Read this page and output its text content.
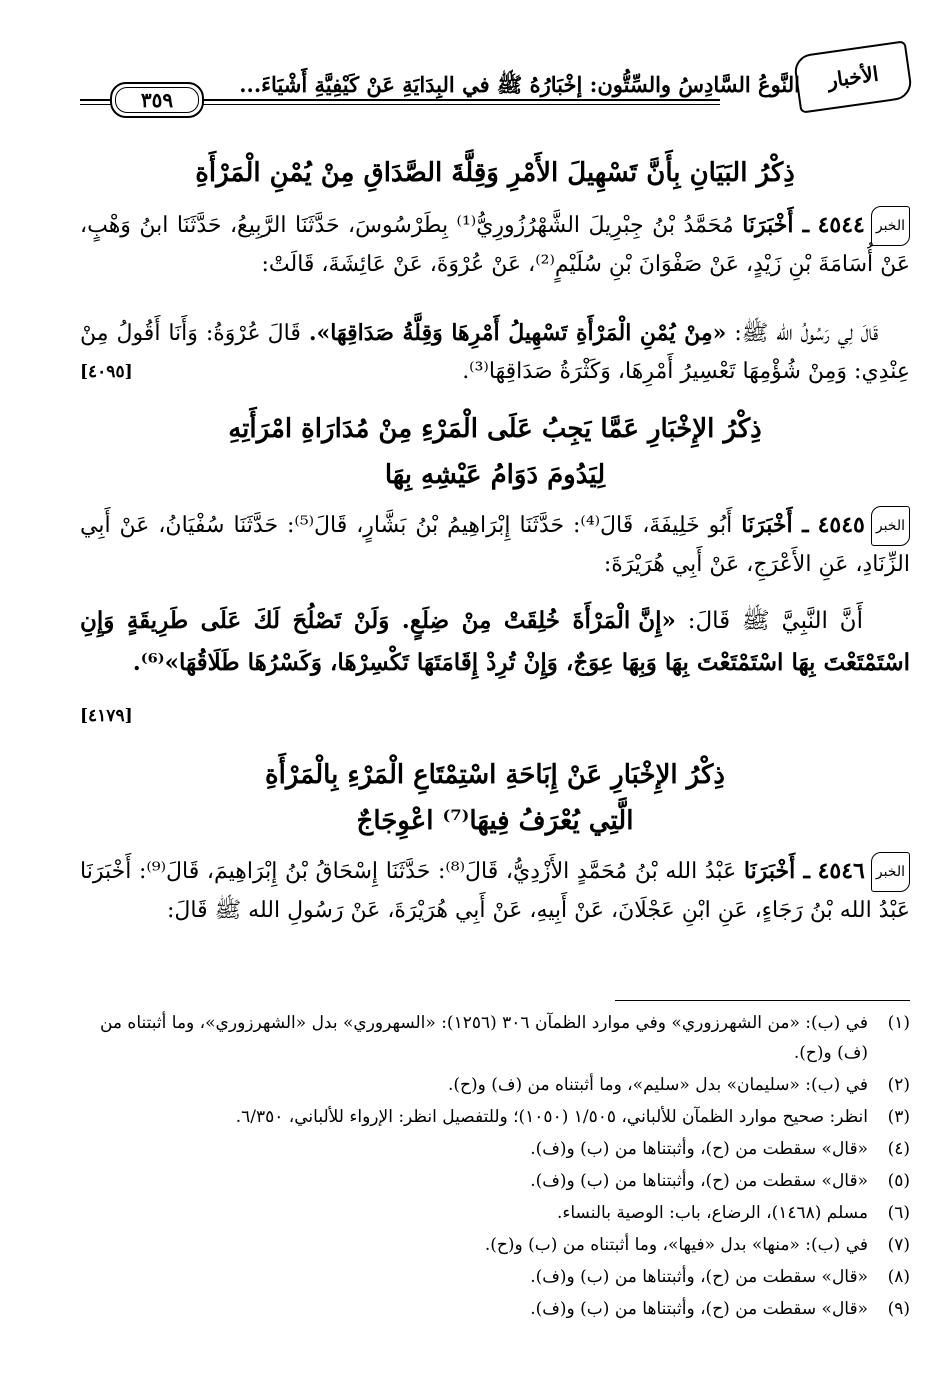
الأخبار
النَّوعُ السَّادِسُ والسِّتُّون: إخْبَارُهُ ﷺ في البِدَايَةِ عَنْ كَيْفِيَّةِ أَشْيَاءَ...
٣٥٩
ذِكْرُ البَيَانِ بِأَنَّ تَسْهِيلَ الأَمْرِ وَقِلَّةَ الصَّدَاقِ مِنْ يُمْنِ الْمَرْأَةِ
الخبر٤٥٤٤ ـ أَخْبَرَنَا مُحَمَّدُ بْنُ جِبْرِيلَ الشَّهْرُزُورِيُّ⁽¹⁾ بِطَرْسُوسَ، حَدَّثَنَا الرَّبِيعُ، حَدَّثَنَا ابنُ وَهْبٍ، عَنْ أُسَامَةَ بْنِ زَيْدٍ، عَنْ صَفْوَانَ بْنِ سُلَيْمٍ⁽²⁾، عَنْ عُرْوَةَ، عَنْ عَائِشَةَ، قَالَتْ:
قَالَ لِي رَسُولُ الله ﷺ: «مِنْ يُمْنِ الْمَرْأَةِ تَسْهِيلُ أَمْرِهَا وَقِلَّةُ صَدَاقِهَا». قَالَ عُرْوَةُ: وَأَنَا أَقُولُ مِنْ عِنْدِي: وَمِنْ شُؤْمِهَا تَعْسِيرُ أَمْرِهَا، وَكَثْرَةُ صَدَاقِهَا⁽³⁾.
[٤٠٩٥]
ذِكْرُ الإِخْبَارِ عَمَّا يَجِبُ عَلَى الْمَرْءِ مِنْ مُدَارَاةِ امْرَأَتِهِ
لِيَدُومَ دَوَامُ عَيْشِهِ بِهَا
الخبر٤٥٤٥ ـ أَخْبَرَنَا أَبُو خَلِيفَةَ، قَالَ⁽⁴⁾: حَدَّثَنَا إِبْرَاهِيمُ بْنُ بَشَّارٍ، قَالَ⁽⁵⁾: حَدَّثَنَا سُفْيَانُ، عَنْ أَبِي الزِّنَادِ، عَنِ الأَعْرَجِ، عَنْ أَبِي هُرَيْرَةَ:
أَنَّ النَّبِيَّ ﷺ قَالَ: «إِنَّ الْمَرْأَةَ خُلِقَتْ مِنْ ضِلَعٍ. وَلَنْ تَصْلُحَ لَكَ عَلَى طَرِيقَةٍ وَإِنِ اسْتَمْتَعْتَ بِهَا اسْتَمْتَعْتَ بِهَا وَبِهَا عِوَجٌ، وَإِنْ تُرِدْ إِقَامَتَهَا تَكْسِرْهَا، وَكَسْرُهَا طَلَاقُهَا»⁽⁶⁾.
[٤١٧٩]
ذِكْرُ الإِخْبَارِ عَنْ إِبَاحَةِ اسْتِمْتَاعِ الْمَرْءِ بِالْمَرْأَةِ
الَّتِي يُعْرَفُ فِيهَا⁽⁷⁾ اعْوِجَاجٌ
الخبر٤٥٤٦ ـ أَخْبَرَنَا عَبْدُ الله بْنُ مُحَمَّدٍ الأَزْدِيُّ، قَالَ⁽⁸⁾: حَدَّثَنَا إِسْحَاقُ بْنُ إِبْرَاهِيمَ، قَالَ⁽⁹⁾: أَخْبَرَنَا عَبْدُ الله بْنُ رَجَاءٍ، عَنِ ابْنِ عَجْلَانَ، عَنْ أَبِيهِ، عَنْ أَبِي هُرَيْرَةَ، عَنْ رَسُولِ الله ﷺ قَالَ:
(١)
في (ب): «من الشهرزوري» وفي موارد الظمآن ٣٠٦ (١٢٥٦): «السهروري» بدل «الشهرزوري»، وما أثبتناه من (ف) و(ح).
(٢)
في (ب): «سليمان» بدل «سليم»، وما أثبتناه من (ف) و(ح).
(٣)
انظر: صحيح موارد الظمآن للألباني، ١/٥٠٥ (١٠٥٠)؛ وللتفصيل انظر: الإرواء للألباني، ٦/٣٥٠.
(٤)
«قال» سقطت من (ح)، وأثبتناها من (ب) و(ف).
(٥)
«قال» سقطت من (ح)، وأثبتناها من (ب) و(ف).
(٦)
مسلم (١٤٦٨)، الرضاع، باب: الوصية بالنساء.
(٧)
في (ب): «منها» بدل «فيها»، وما أثبتناه من (ب) و(ح).
(٨)
«قال» سقطت من (ح)، وأثبتناها من (ب) و(ف).
(٩)
«قال» سقطت من (ح)، وأثبتناها من (ب) و(ف).
